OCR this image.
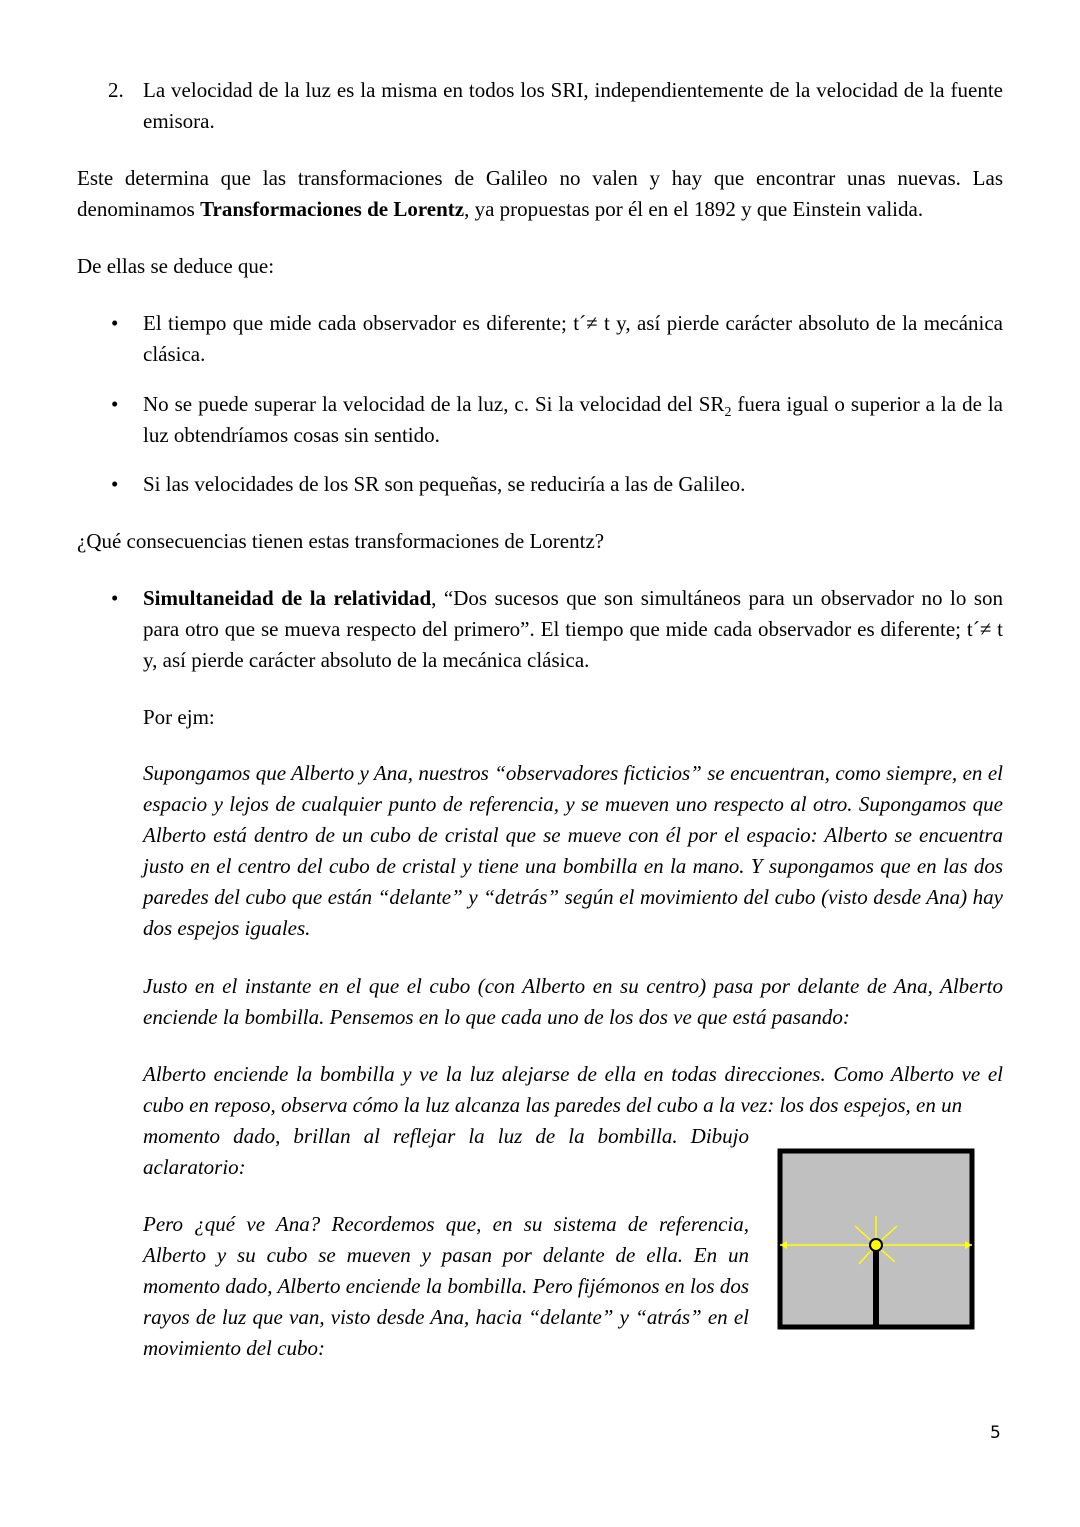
2. La velocidad de la luz es la misma en todos los SRI, independientemente de la velocidad de la fuente emisora.

Este determina que las transformaciones de Galileo no valen y hay que encontrar unas nuevas. Las denominamos Transformaciones de Lorentz, ya propuestas por él en el 1892 y que Einstein valida.

De ellas se deduce que:

• El tiempo que mide cada observador es diferente; t´≠ t y, así pierde carácter absoluto de la mecánica clásica.

• No se puede superar la velocidad de la luz, c. Si la velocidad del $SR_2$ fuera igual o superior a la de la luz obtendríamos cosas sin sentido.

• Si las velocidades de los SR son pequeñas, se reduciría a las de Galileo.

¿Qué consecuencias tienen estas transformaciones de Lorentz?

• Simultaneidad de la relatividad, “Dos sucesos que son simultáneos para un observador no lo son para otro que se mueva respecto del primero”. El tiempo que mide cada observador es diferente; t´≠ t y, así pierde carácter absoluto de la mecánica clásica.

Por ejm:

Supongamos que Alberto y Ana, nuestros “observadores ficticios” se encuentran, como siempre, en el espacio y lejos de cualquier punto de referencia, y se mueven uno respecto al otro. Supongamos que Alberto está dentro de un cubo de cristal que se mueve con él por el espacio: Alberto se encuentra justo en el centro del cubo de cristal y tiene una bombilla en la mano. Y supongamos que en las dos paredes del cubo que están “delante” y “detrás” según el movimiento del cubo (visto desde Ana) hay dos espejos iguales.

Justo en el instante en el que el cubo (con Alberto en su centro) pasa por delante de Ana, Alberto enciende la bombilla. Pensemos en lo que cada uno de los dos ve que está pasando:

Alberto enciende la bombilla y ve la luz alejarse de ella en todas direcciones. Como Alberto ve el cubo en reposo, observa cómo la luz alcanza las paredes del cubo a la vez: los dos espejos, en un

momento dado, brillan al reflejar la luz de la bombilla. Dibujo aclaratorio:

Pero ¿qué ve Ana? Recordemos que, en su sistema de referencia, Alberto y su cubo se mueven y pasan por delante de ella. En un momento dado, Alberto enciende la bombilla. Pero fijémonos en los dos rayos de luz que van, visto desde Ana, hacia “delante” y “atrás” en el movimiento del cubo:

5
